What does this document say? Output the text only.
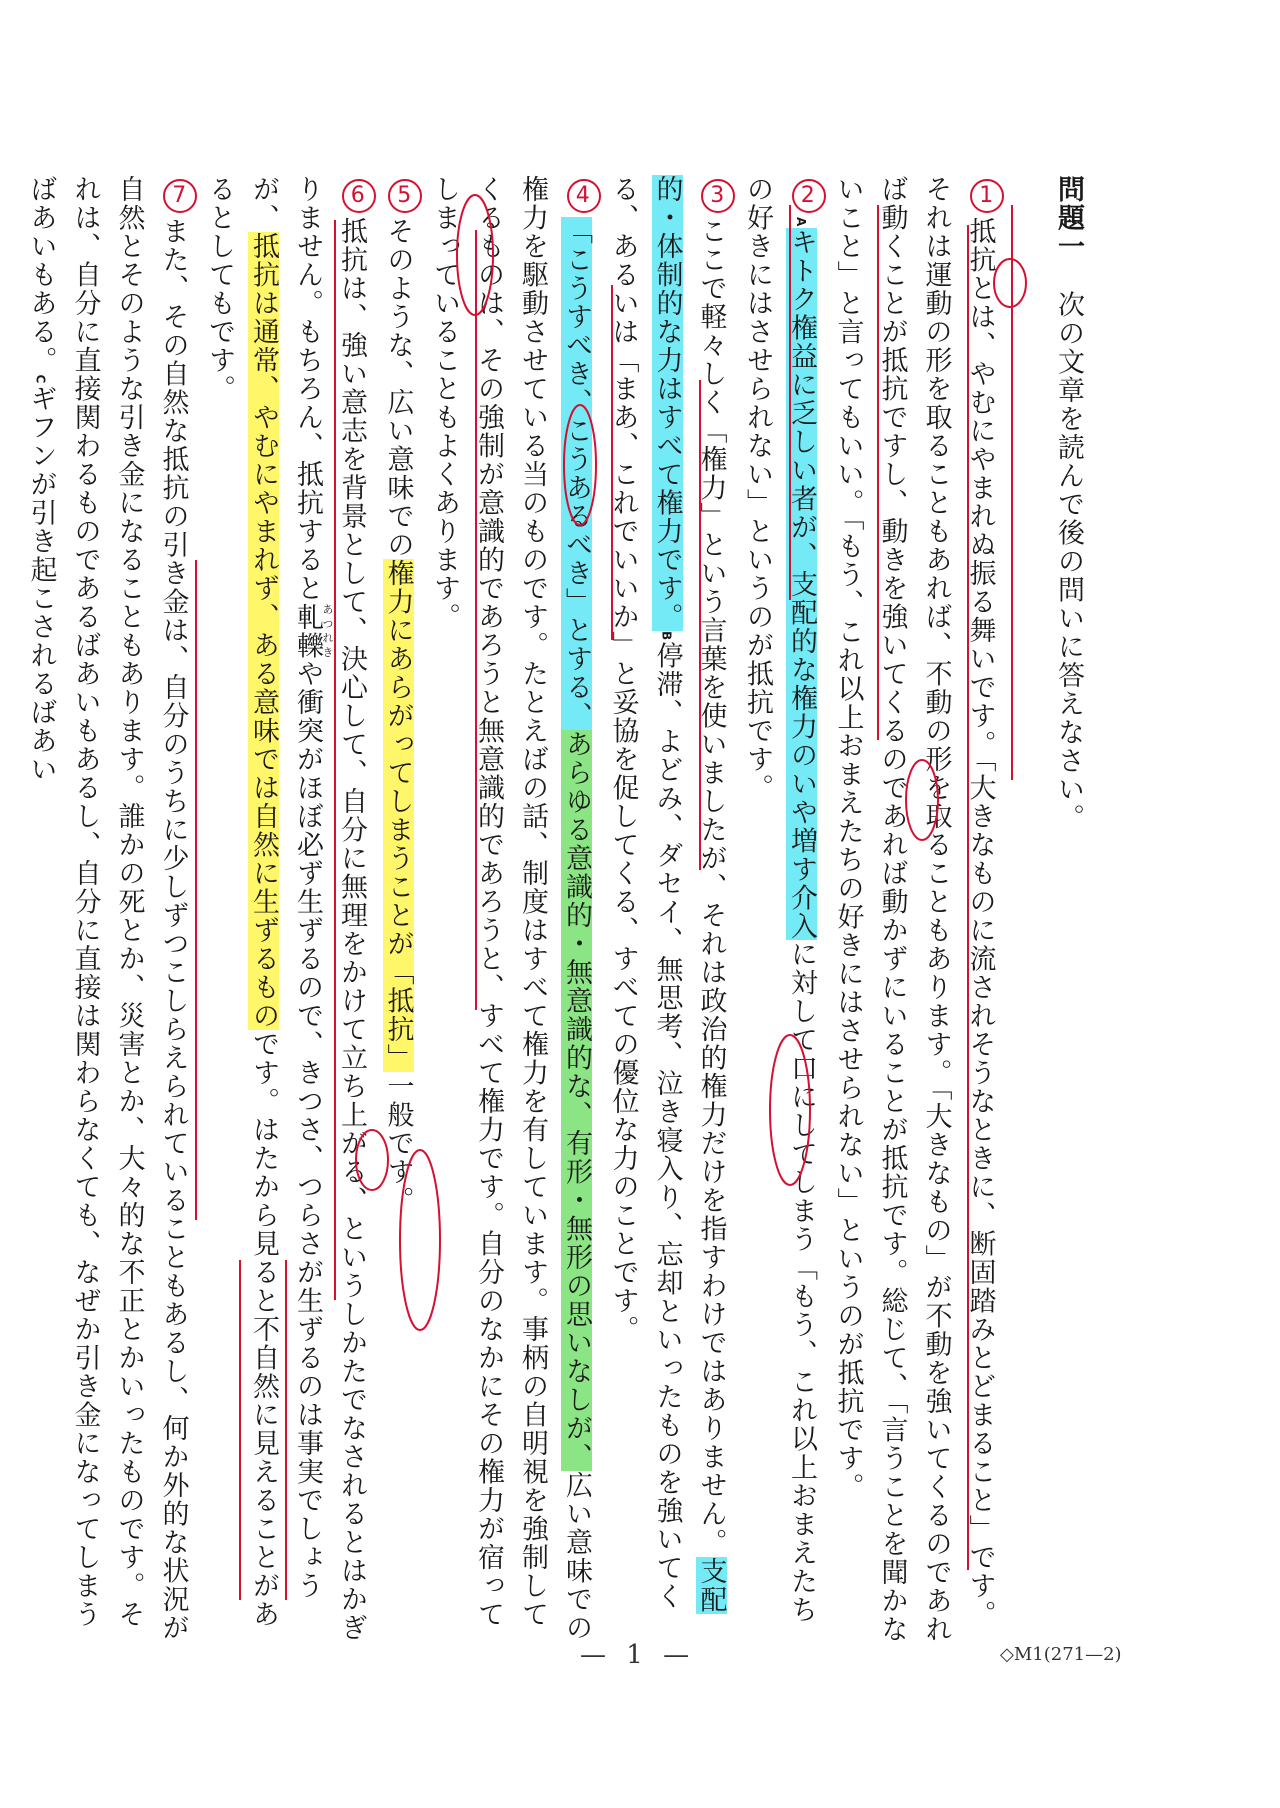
問題一 次の文章を読んで後の問いに答えなさい。
1抵抗とは、やむにやまれぬ振る舞いです。「大きなものに流されそうなときに、断固踏みとどまること」です。それは運動の形を取ることもあれば、不動の形を取ることもあります。「大きなもの」が不動を強いてくるのであれば動くことが抵抗ですし、動きを強いてくるのであれば動かずにいることが抵抗です。総じて、「言うことを聞かないこと」と言ってもいい。「もう、これ以上おまえたちの好きにはさせられない」というのが抵抗です。
2Aキトク権益に乏しい者が、支配的な権力のいや増す介入に対して口にしてしまう「もう、これ以上おまえたちの好きにはさせられない」というのが抵抗です。
3ここで軽々しく「権力」という言葉を使いましたが、それは政治的権力だけを指すわけではありません。支配的・体制的な力はすべて権力です。B停滞、よどみ、ダセイ、無思考、泣き寝入り、忘却といったものを強いてくる、あるいは「まあ、これでいいか」と妥協を促してくる、すべての優位な力のことです。
4「こうすべき、こうあるべき」とする、あらゆる意識的・無意識的な、有形・無形の思いなしが、広い意味での権力を駆動させている当のものです。たとえばの話、制度はすべて権力を有しています。事柄の自明視を強制してくるものは、その強制が意識的であろうと無意識的であろうと、すべて権力です。自分のなかにその権力が宿ってしまっていることもよくあります。
5そのような、広い意味での権力にあらがってしまうことが「抵抗」一般です。
6抵抗は、強い意志を背景として、決心して、自分に無理をかけて立ち上がる、というしかたでなされるとはかぎりません。もちろん、抵抗すると軋轢あつれきや衝突がほぼ必ず生ずるので、きつさ、つらさが生ずるのは事実でしょうが、抵抗は通常、やむにやまれず、ある意味では自然に生ずるものです。はたから見ると不自然に見えることがあるとしてもです。
7また、その自然な抵抗の引き金は、自分のうちに少しずつこしらえられていることもあるし、何か外的な状況が自然とそのような引き金になることもあります。誰かの死とか、災害とか、大々的な不正とかいったものです。それは、自分に直接関わるものであるばあいもあるし、自分に直接は関わらなくても、なぜか引き金になってしまうばあいもある。Cギフンが引き起こされるばあい
— 1 —	◇M1(271—2)
